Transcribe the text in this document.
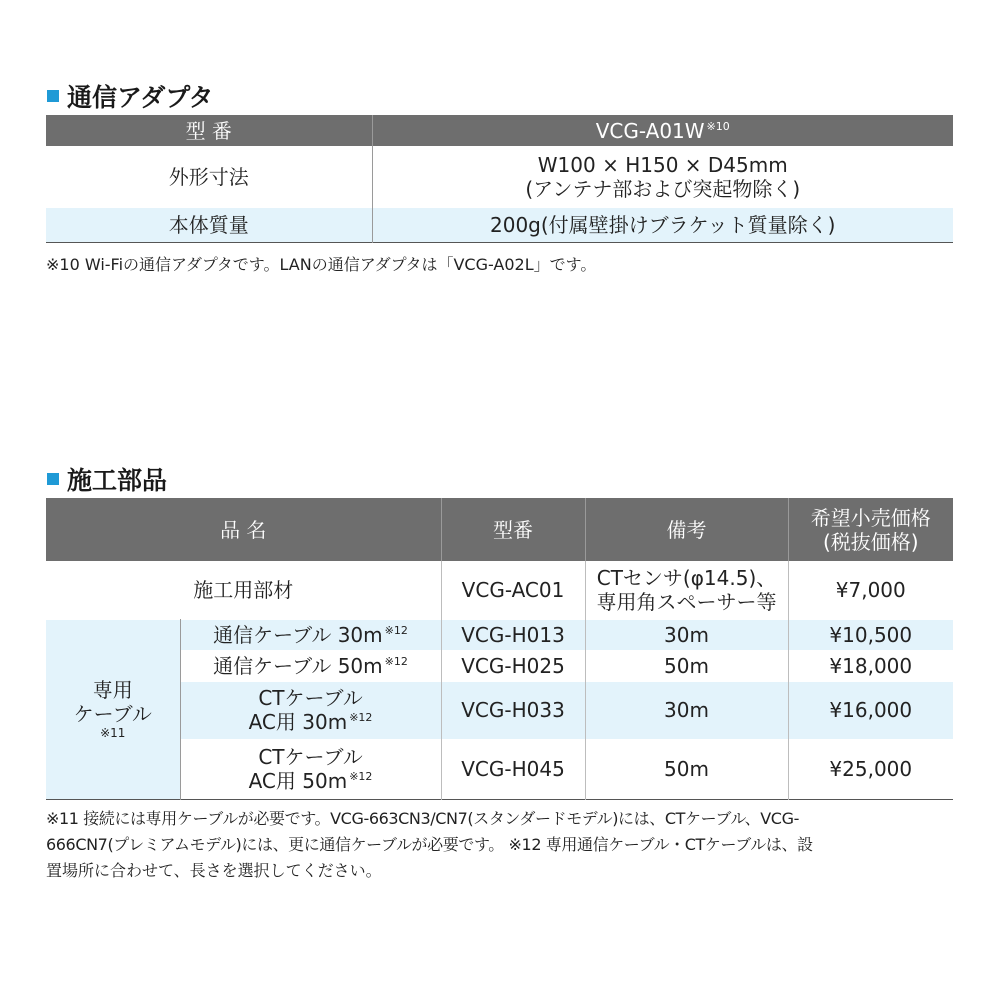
通信アダプタ
型 番	VCG-A01W $^{※10}$
外形寸法	W100 × H150 × D45mm
(アンテナ部および突起物除く)

本体質量	200g(付属壁掛けブラケット質量除く)
※10 Wi-Fiの通信アダプタです。LANの通信アダプタは「VCG-A02L」です。
施工部品
品 名		型番	備考	希望小売価格
(税抜価格)

施工用部材		VCG-AC01	CTセンサ(φ14.5)、
専用角スペーサー等	¥7,000

専用
ケーブル
※11	通信ケーブル 30m $^{※12}$	VCG-H013	30m	¥10,500
	通信ケーブル 50m $^{※12}$	VCG-H025	50m	¥18,000

	CTケーブル
AC用 30m $^{※12}$	VCG-H033	30m	¥16,000

	CTケーブル
AC用 50m $^{※12}$	VCG-H045	50m	¥25,000
※11 接続には専用ケーブルが必要です。VCG-663CN3/CN7(スタンダードモデル)には、CTケーブル、VCG-
666CN7(プレミアムモデル)には、更に通信ケーブルが必要です。 ※12 専用通信ケーブル・CTケーブルは、設
置場所に合わせて、長さを選択してください。
